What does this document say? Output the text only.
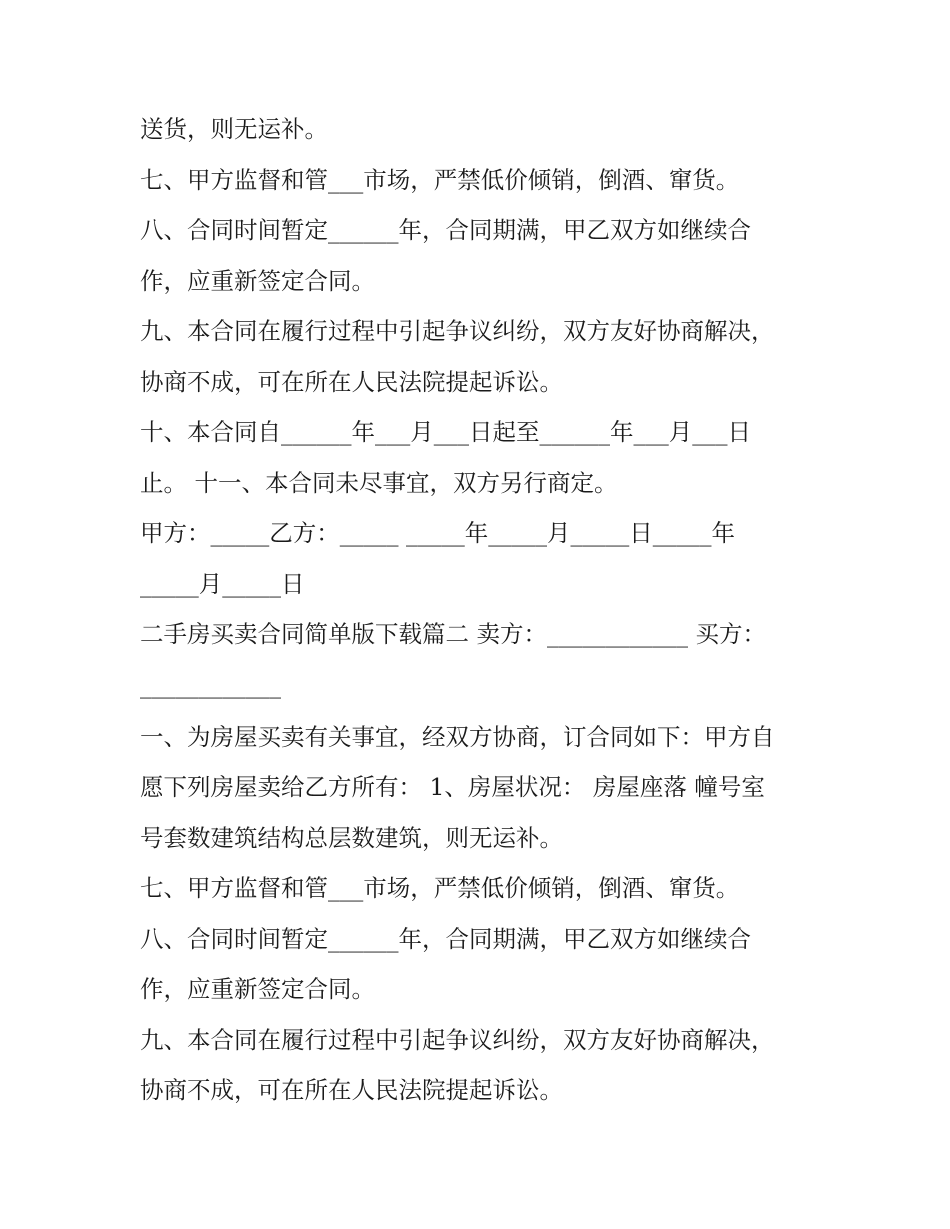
送货，则无运补。
七、甲方监督和管___市场，严禁低价倾销，倒酒、窜货。
八、合同时间暂定______年，合同期满，甲乙双方如继续合
作，应重新签定合同。
九、本合同在履行过程中引起争议纠纷，双方友好协商解决，
协商不成，可在所在人民法院提起诉讼。
十、本合同自______年___月___日起至______年___月___日
止。 十一、本合同未尽事宜，双方另行商定。
甲方：_____乙方：_____ _____年_____月_____日_____年
_____月_____日
二手房买卖合同简单版下载篇二 卖方：____________ 买方：
____________
一、为房屋买卖有关事宜，经双方协商，订合同如下：甲方自
愿下列房屋卖给乙方所有： 1、房屋状况： 房屋座落 幢号室
号套数建筑结构总层数建筑，则无运补。
七、甲方监督和管___市场，严禁低价倾销，倒酒、窜货。
八、合同时间暂定______年，合同期满，甲乙双方如继续合
作，应重新签定合同。
九、本合同在履行过程中引起争议纠纷，双方友好协商解决，
协商不成，可在所在人民法院提起诉讼。
